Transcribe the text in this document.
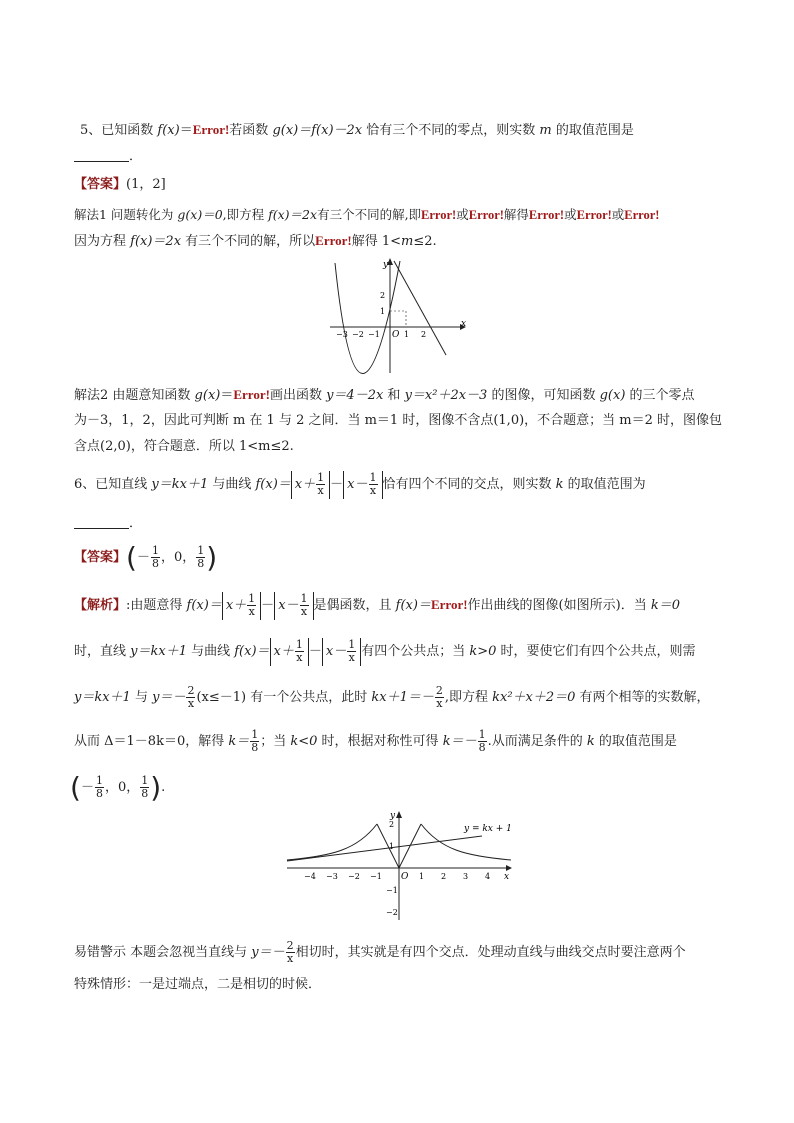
5、已知函数 f(x)＝Error!若函数 g(x)＝f(x)－2x 恰有三个不同的零点，则实数 m 的取值范围是
．
【答案】(1，2]
解法1 问题转化为 g(x)＝0,即方程 f(x)＝2x有三个不同的解,即Error!或Error!解得Error!或Error!或Error!
因为方程 f(x)＝2x 有三个不同的解，所以Error!解得 1<m≤2.
y
x
O
−3 −2 −1	1 2
2
1
解法2 由题意知函数 g(x)＝Error!画出函数 y＝4－2x 和 y＝x²＋2x－3 的图像，可知函数 g(x) 的三个零点
为－3，1，2，因此可判断 m 在 1 与 2 之间．当 m＝1 时，图像不含点(1,0)，不合题意；当 m＝2 时，图像包
含点(2,0)，符合题意．所以 1<m≤2.
6、已知直线 y＝kx＋1 与曲线 $f(x)= x+ \frac{1}{x} - x- \frac{1}{x}$ 恰有四个不同的交点，则实数 k 的取值范围为
．
【答案】(－ $\frac{1}{8}$ ，0， $\frac{1}{8}$ )
【解析】:由题意得 $f(x)= x+ \frac{1}{x} - x- \frac{1}{x}$ 是偶函数，且 f(x)＝Error!作出曲线的图像(如图所示)．当 k＝0
时，直线 y＝kx＋1 与曲线 $f(x)= x+ \frac{1}{x} - x- \frac{1}{x}$ 有四个公共点；当 k>0 时，要使它们有四个公共点，则需
y＝kx＋1 与 $y=- \frac{2}{x} (x\le-1)$ 有一个公共点，此时 $kx+1=- \frac{2}{x}$ ,即方程 kx²＋x＋2＝0 有两个相等的实数解，
从而 Δ＝1－8k＝0，解得 $k= \frac{1}{8}$ ；当 k<0 时，根据对称性可得 $k=- \frac{1}{8}$ .从而满足条件的 k 的取值范围是
(－ $\frac{1}{8}$ ，0， $\frac{1}{8}$ ).
y = kx + 1
y
x
O
−4 −3 −2 −1	1 2 3 4
2
1
−1
−2
易错警示 本题会忽视当直线与 $y=- \frac{2}{x}$ 相切时，其实就是有四个交点．处理动直线与曲线交点时要注意两个
特殊情形：一是过端点，二是相切的时候．
